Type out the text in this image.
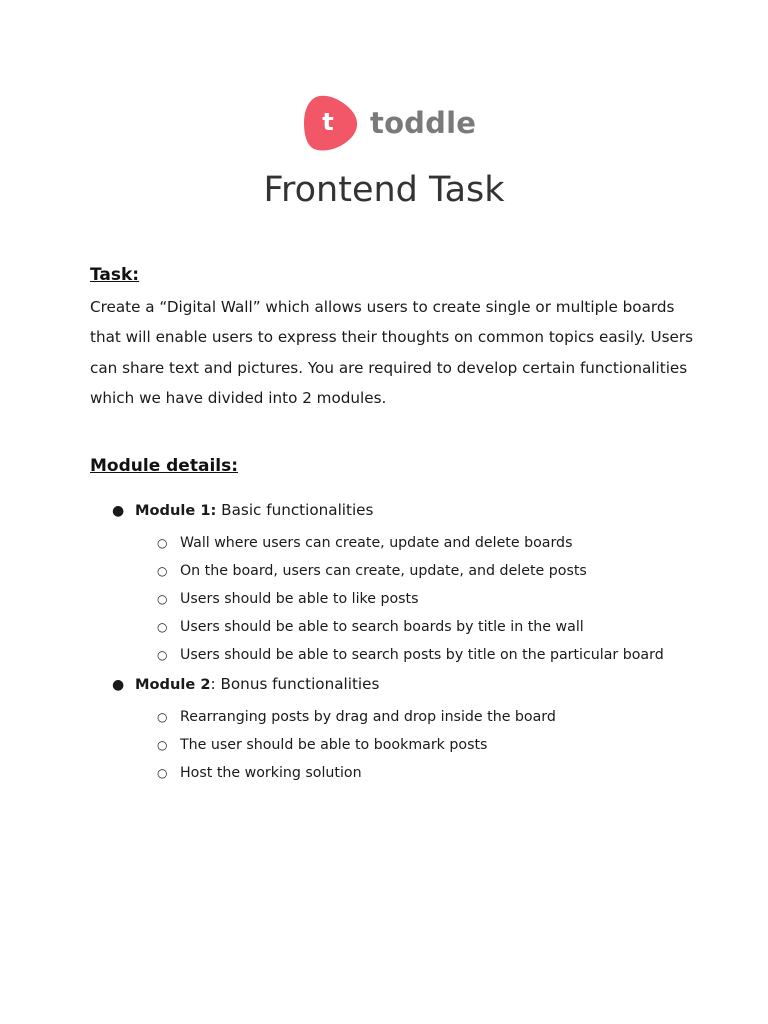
t	toddle
Frontend Task
Task:
Create a “Digital Wall” which allows users to create single or multiple boards
that will enable users to express their thoughts on common topics easily. Users
can share text and pictures. You are required to develop certain functionalities
which we have divided into 2 modules.
Module details:
● Module 1: Basic functionalities
○ Wall where users can create, update and delete boards
○ On the board, users can create, update, and delete posts
○ Users should be able to like posts
○ Users should be able to search boards by title in the wall
○ Users should be able to search posts by title on the particular board
● Module 2: Bonus functionalities
○ Rearranging posts by drag and drop inside the board
○ The user should be able to bookmark posts
○ Host the working solution
